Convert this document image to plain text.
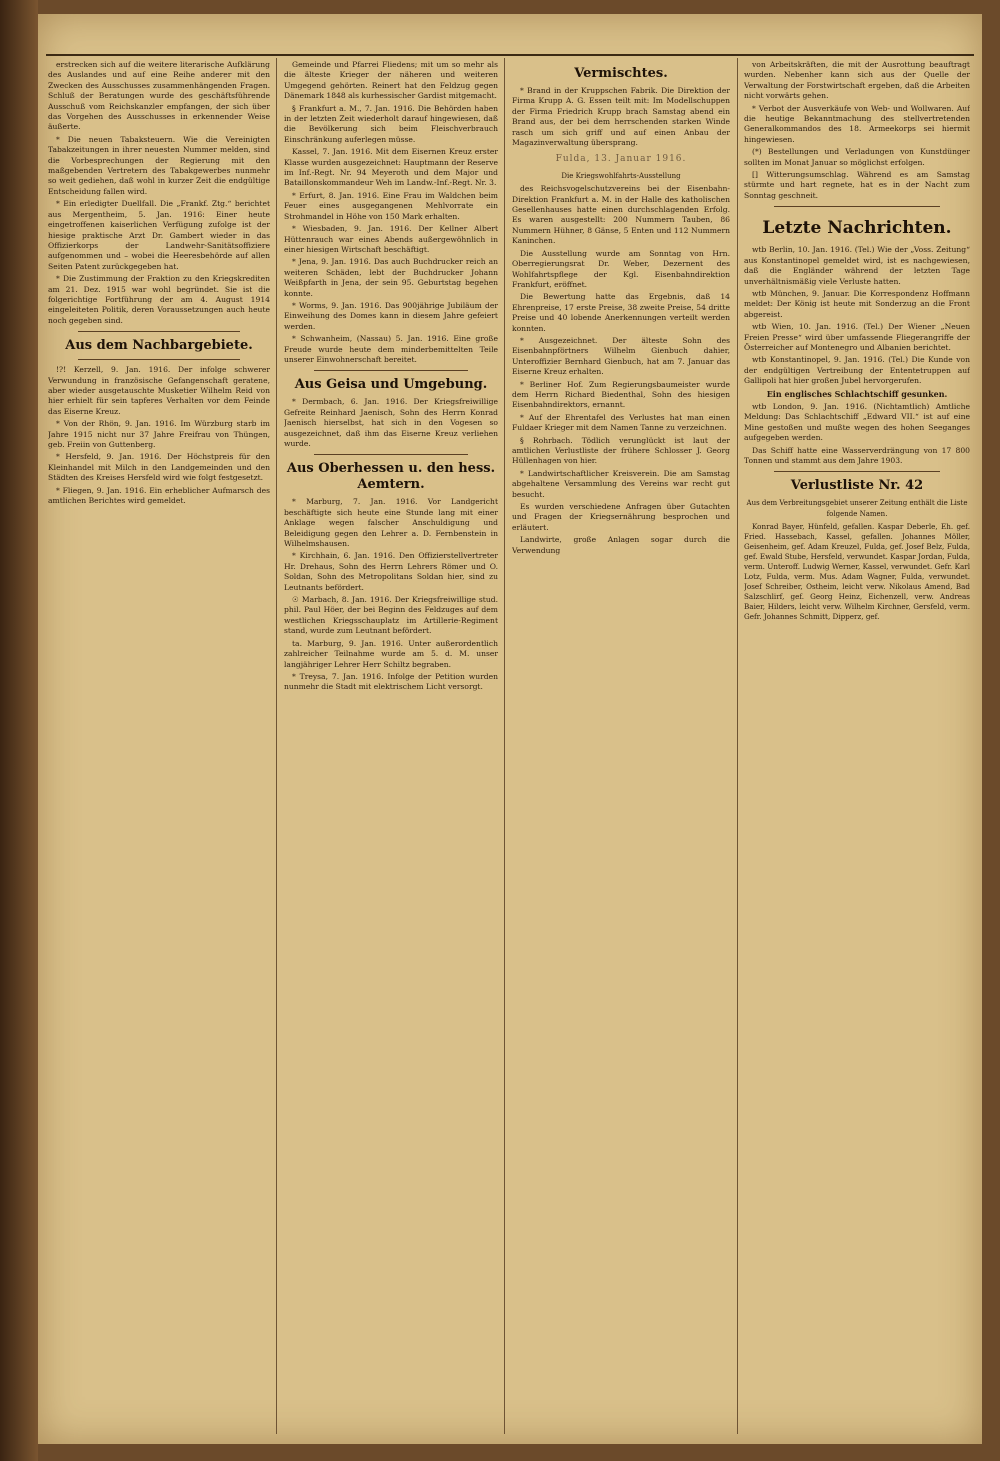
erstrecken sich auf die weitere literarische Aufklärung des Auslandes und auf eine Reihe anderer mit den Zwecken des Ausschusses zusammenhängenden Fragen. Schluß der Beratungen wurde des geschäftsführende Ausschuß vom Reichskanzler empfangen, der sich über das Vorgehen des Ausschusses in erkennender Weise äußerte.

* Die neuen Tabaksteuern. Wie die Vereinigten Tabakzeitungen in ihrer neuesten Nummer melden, sind die Vorbesprechungen der Regierung mit den maßgebenden Vertretern des Tabakgewerbes nunmehr so weit gediehen, daß wohl in kurzer Zeit die endgültige Entscheidung fallen wird.

* Ein erledigter Duellfall. Die „Frankf. Ztg.“ berichtet aus Mergentheim, 5. Jan. 1916: Einer heute eingetroffenen kaiserlichen Verfügung zufolge ist der hiesige praktische Arzt Dr. Gambert wieder in das Offizierkorps der Landwehr-Sanitätsoffiziere aufgenommen und – wobei die Heeresbehörde auf allen Seiten Patent zurückgegeben hat.

* Die Zustimmung der Fraktion zu den Kriegskrediten am 21. Dez. 1915 war wohl begründet. Sie ist die folgerichtige Fortführung der am 4. August 1914 eingeleiteten Politik, deren Voraussetzungen auch heute noch gegeben sind.

Aus dem Nachbargebiete.

!?! Kerzell, 9. Jan. 1916. Der infolge schwerer Verwundung in französische Gefangenschaft geratene, aber wieder ausgetauschte Musketier Wilhelm Reid von hier erhielt für sein tapferes Verhalten vor dem Feinde das Eiserne Kreuz.

* Von der Rhön, 9. Jan. 1916. Im Würzburg starb im Jahre 1915 nicht nur 37 Jahre Freifrau von Thüngen, geb. Freiin von Guttenberg.

* Hersfeld, 9. Jan. 1916. Der Höchstpreis für den Kleinhandel mit Milch in den Landgemeinden und den Städten des Kreises Hersfeld wird wie folgt festgesetzt.

* Fliegen, 9. Jan. 1916. Ein erheblicher Aufmarsch des amtlichen Berichtes wird gemeldet.

Gemeinde und Pfarrei Fliedens; mit um so mehr als die älteste Krieger der näheren und weiteren Umgegend gehörten. Reinert hat den Feldzug gegen Dänemark 1848 als kurhessischer Gardist mitgemacht.

§ Frankfurt a. M., 7. Jan. 1916. Die Behörden haben in der letzten Zeit wiederholt darauf hingewiesen, daß die Bevölkerung sich beim Fleischverbrauch Einschränkung auferlegen müsse.

Kassel, 7. Jan. 1916. Mit dem Eisernen Kreuz erster Klasse wurden ausgezeichnet: Hauptmann der Reserve im Inf.-Regt. Nr. 94 Meyeroth und dem Major und Bataillonskommandeur Weh im Landw.-Inf.-Regt. Nr. 3.

* Erfurt, 8. Jan. 1916. Eine Frau im Waldchen beim Feuer eines ausgegangenen Mehlvorrate ein Strohmandel in Höhe von 150 Mark erhalten.

* Wiesbaden, 9. Jan. 1916. Der Kellner Albert Hüttenrauch war eines Abends außergewöhnlich in einer hiesigen Wirtschaft beschäftigt.

* Jena, 9. Jan. 1916. Das auch Buchdrucker reich an weiteren Schäden, lebt der Buchdrucker Johann Weißpfarth in Jena, der sein 95. Geburtstag begehen konnte.

* Worms, 9. Jan. 1916. Das 900jährige Jubiläum der Einweihung des Domes kann in diesem Jahre gefeiert werden.

* Schwanheim, (Nassau) 5. Jan. 1916. Eine große Freude wurde heute dem minderbemittelten Teile unserer Einwohnerschaft bereitet.

Aus Geisa und Umgebung.

* Dermbach, 6. Jan. 1916. Der Kriegsfreiwillige Gefreite Reinhard Jaenisch, Sohn des Herrn Konrad Jaenisch hierselbst, hat sich in den Vogesen so ausgezeichnet, daß ihm das Eiserne Kreuz verliehen wurde.

Aus Oberhessen u. den hess. Aemtern.

* Marburg, 7. Jan. 1916. Vor Landgericht beschäftigte sich heute eine Stunde lang mit einer Anklage wegen falscher Anschuldigung und Beleidigung gegen den Lehrer a. D. Fernbenstein in Wilhelmshausen.

* Kirchhain, 6. Jan. 1916. Den Offizierstellvertreter Hr. Drehaus, Sohn des Herrn Lehrers Römer und O. Soldan, Sohn des Metropolitans Soldan hier, sind zu Leutnants befördert.

☉ Marbach, 8. Jan. 1916. Der Kriegsfreiwillige stud. phil. Paul Höer, der bei Beginn des Feldzuges auf dem westlichen Kriegsschauplatz im Artillerie-Regiment stand, wurde zum Leutnant befördert.

ta. Marburg, 9. Jan. 1916. Unter außerordentlich zahlreicher Teilnahme wurde am 5. d. M. unser langjähriger Lehrer Herr Schiltz begraben.

* Treysa, 7. Jan. 1916. Infolge der Petition wurden nunmehr die Stadt mit elektrischem Licht versorgt.

Vermischtes.

* Brand in der Kruppschen Fabrik. Die Direktion der Firma Krupp A. G. Essen teilt mit: Im Modellschuppen der Firma Friedrich Krupp brach Samstag abend ein Brand aus, der bei dem herrschenden starken Winde rasch um sich griff und auf einen Anbau der Magazinverwaltung übersprang.

Fulda, 13. Januar 1916.
Die Kriegswohlfahrts-Ausstellung

des Reichsvogelschutzvereins bei der Eisenbahn-Direktion Frankfurt a. M. in der Halle des katholischen Gesellenhauses hatte einen durchschlagenden Erfolg. Es waren ausgestellt: 200 Nummern Tauben, 86 Nummern Hühner, 8 Gänse, 5 Enten und 112 Nummern Kaninchen.

Die Ausstellung wurde am Sonntag von Hrn. Oberregierungsrat Dr. Weber, Dezernent des Wohlfahrtspflege der Kgl. Eisenbahndirektion Frankfurt, eröffnet.

Die Bewertung hatte das Ergebnis, daß 14 Ehrenpreise, 17 erste Preise, 38 zweite Preise, 54 dritte Preise und 40 lobende Anerkennungen verteilt werden konnten.

* Ausgezeichnet. Der älteste Sohn des Eisenbahnpförtners Wilhelm Gienbuch dahier, Unteroffizier Bernhard Gienbuch, hat am 7. Januar das Eiserne Kreuz erhalten.

* Berliner Hof. Zum Regierungsbaumeister wurde dem Herrn Richard Biedenthal, Sohn des hiesigen Eisenbahndirektors, ernannt.

* Auf der Ehrentafel des Verlustes hat man einen Fuldaer Krieger mit dem Namen Tanne zu verzeichnen.

§ Rohrbach. Tödlich verunglückt ist laut der amtlichen Verlustliste der frühere Schlosser J. Georg Hüllenhagen von hier.

* Landwirtschaftlicher Kreisverein. Die am Samstag abgehaltene Versammlung des Vereins war recht gut besucht.

Es wurden verschiedene Anfragen über Gutachten und Fragen der Kriegsernährung besprochen und erläutert.

Landwirte, große Anlagen sogar durch die Verwendung

von Arbeitskräften, die mit der Ausrottung beauftragt wurden. Nebenher kann sich aus der Quelle der Verwaltung der Forstwirtschaft ergeben, daß die Arbeiten nicht vorwärts gehen.

* Verbot der Ausverkäufe von Web- und Wollwaren. Auf die heutige Bekanntmachung des stellvertretenden Generalkommandos des 18. Armeekorps sei hiermit hingewiesen.

(*) Bestellungen und Verladungen von Kunstdünger sollten im Monat Januar so möglichst erfolgen.

[] Witterungsumschlag. Während es am Samstag stürmte und hart regnete, hat es in der Nacht zum Sonntag geschneit.

Letzte Nachrichten.

wtb Berlin, 10. Jan. 1916. (Tel.) Wie der „Voss. Zeitung“ aus Konstantinopel gemeldet wird, ist es nachgewiesen, daß die Engländer während der letzten Tage unverhältnismäßig viele Verluste hatten.

wtb München, 9. Januar. Die Korrespondenz Hoffmann meldet: Der König ist heute mit Sonderzug an die Front abgereist.

wtb Wien, 10. Jan. 1916. (Tel.) Der Wiener „Neuen Freien Presse“ wird über umfassende Fliegerangriffe der Österreicher auf Montenegro und Albanien berichtet.

wtb Konstantinopel, 9. Jan. 1916. (Tel.) Die Kunde von der endgültigen Vertreibung der Ententetruppen auf Gallipoli hat hier großen Jubel hervorgerufen.

Ein englisches Schlachtschiff gesunken.

wtb London, 9. Jan. 1916. (Nichtamtlich) Amtliche Meldung: Das Schlachtschiff „Edward VII.“ ist auf eine Mine gestoßen und mußte wegen des hohen Seeganges aufgegeben werden.

Das Schiff hatte eine Wasserverdrängung von 17 800 Tonnen und stammt aus dem Jahre 1903.

Verlustliste Nr. 42
Aus dem Verbreitungsgebiet unserer Zeitung enthält die Liste folgende Namen.

Konrad Bayer, Hünfeld, gefallen. Kaspar Deberle, Eh. gef. Fried. Hassebach, Kassel, gefallen. Johannes Möller, Geisenheim, gef. Adam Kreuzel, Fulda, gef. Josef Belz, Fulda, gef. Ewald Stube, Hersfeld, verwundet. Kaspar Jordan, Fulda, verm. Unteroff. Ludwig Werner, Kassel, verwundet. Gefr. Karl Lotz, Fulda, verm. Mus. Adam Wagner, Fulda, verwundet. Josef Schreiber, Ostheim, leicht verw. Nikolaus Amend, Bad Salzschlirf, gef. Georg Heinz, Eichenzell, verw. Andreas Baier, Hilders, leicht verw. Wilhelm Kirchner, Gersfeld, verm. Gefr. Johannes Schmitt, Dipperz, gef.
